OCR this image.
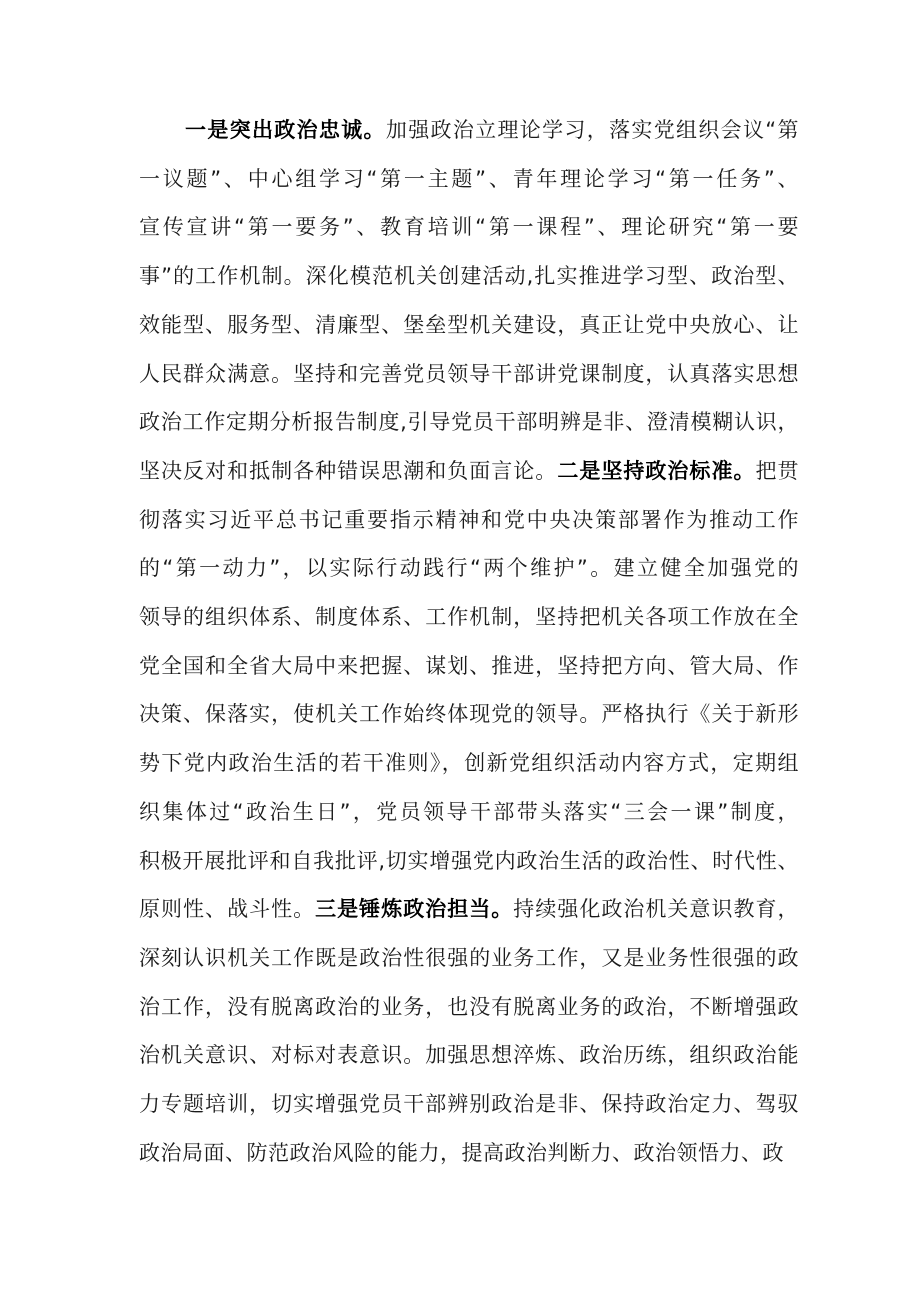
一是突出政治忠诚。加强政治立理论学习，落实党组织会议“第
一议题”、中心组学习“第一主题”、青年理论学习“第一任务”、
宣传宣讲“第一要务”、教育培训“第一课程”、理论研究“第一要
事”的工作机制。深化模范机关创建活动,扎实推进学习型、政治型、
效能型、服务型、清廉型、堡垒型机关建设，真正让党中央放心、让
人民群众满意。坚持和完善党员领导干部讲党课制度，认真落实思想
政治工作定期分析报告制度,引导党员干部明辨是非、澄清模糊认识，
坚决反对和抵制各种错误思潮和负面言论。二是坚持政治标准。把贯
彻落实习近平总书记重要指示精神和党中央决策部署作为推动工作
的“第一动力”，以实际行动践行“两个维护”。建立健全加强党的
领导的组织体系、制度体系、工作机制，坚持把机关各项工作放在全
党全国和全省大局中来把握、谋划、推进，坚持把方向、管大局、作
决策、保落实，使机关工作始终体现党的领导。严格执行《关于新形
势下党内政治生活的若干准则》，创新党组织活动内容方式，定期组
织集体过“政治生日”，党员领导干部带头落实“三会一课”制度，
积极开展批评和自我批评,切实增强党内政治生活的政治性、时代性、
原则性、战斗性。三是锤炼政治担当。持续强化政治机关意识教育，
深刻认识机关工作既是政治性很强的业务工作，又是业务性很强的政
治工作，没有脱离政治的业务，也没有脱离业务的政治，不断增强政
治机关意识、对标对表意识。加强思想淬炼、政治历练，组织政治能
力专题培训，切实增强党员干部辨别政治是非、保持政治定力、驾驭
政治局面、防范政治风险的能力，提高政治判断力、政治领悟力、政
